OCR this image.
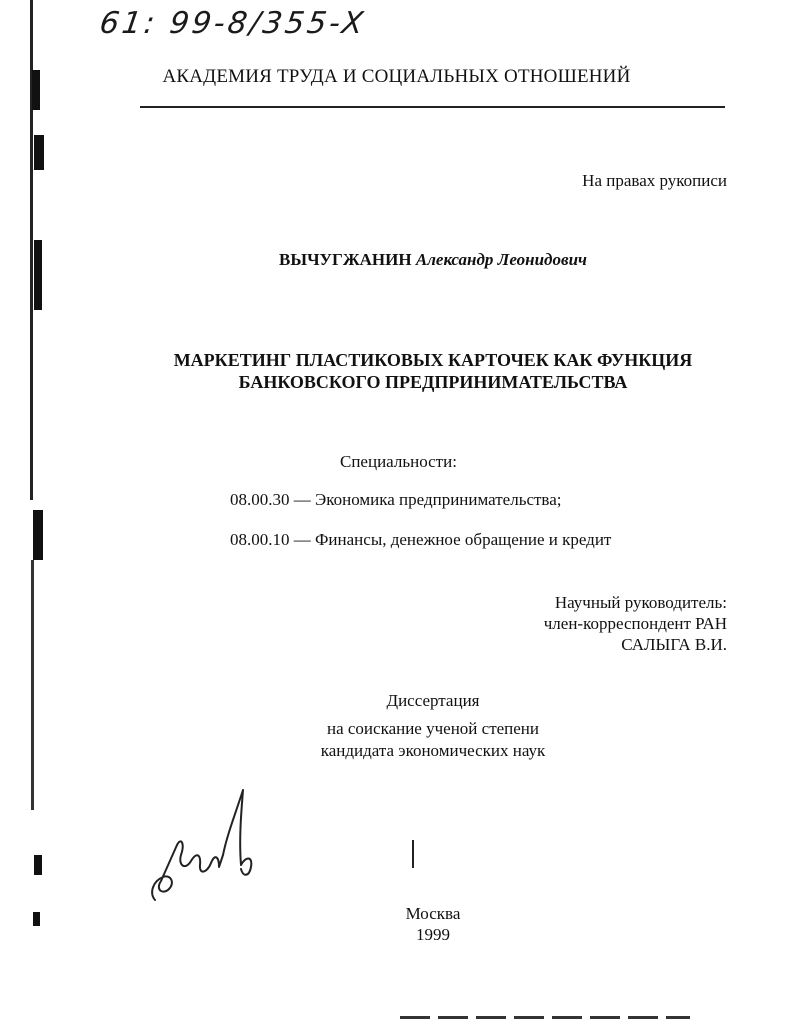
61: 99-8/355-X
АКАДЕМИЯ ТРУДА И СОЦИАЛЬНЫХ ОТНОШЕНИЙ
На правах рукописи
ВЫЧУГЖАНИН Александр Леонидович
МАРКЕТИНГ ПЛАСТИКОВЫХ КАРТОЧЕК КАК ФУНКЦИЯ
БАНКОВСКОГО ПРЕДПРИНИМАТЕЛЬСТВА
Специальности:
08.00.30 — Экономика предпринимательства;
08.00.10 — Финансы, денежное обращение и кредит
Научный руководитель:
член-корреспондент РАН
САЛЫГА В.И.
Диссертация
на соискание ученой степени
кандидата экономических наук
Москва
1999
